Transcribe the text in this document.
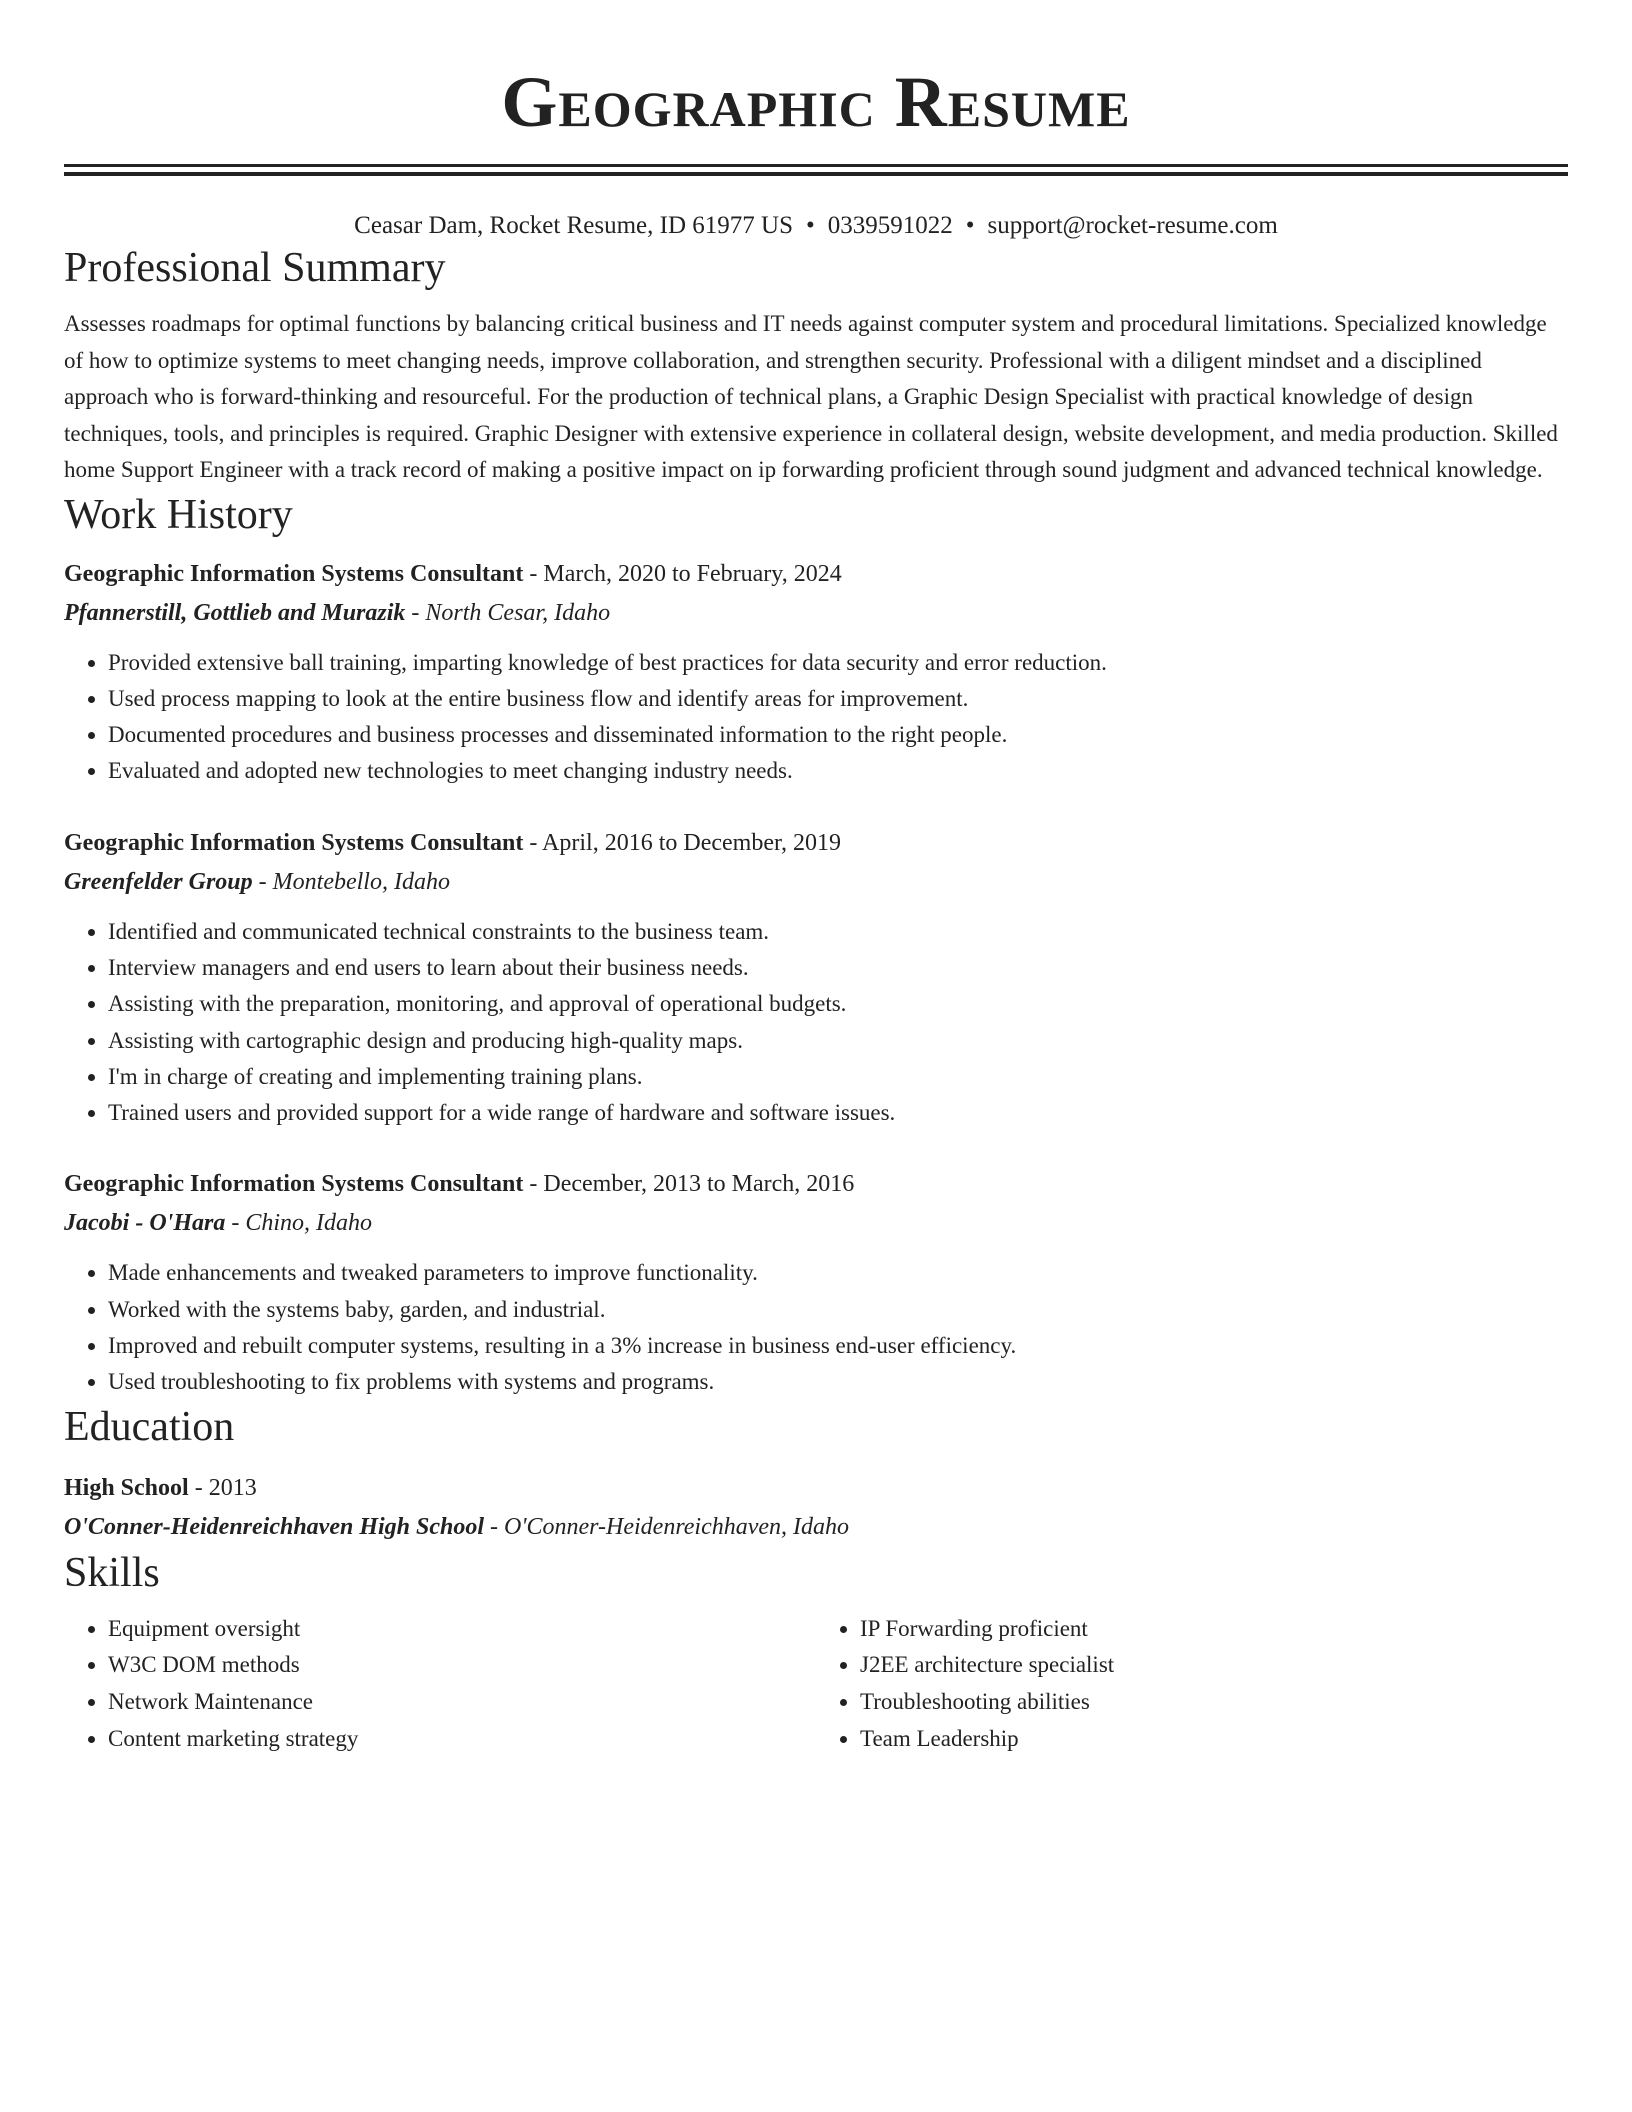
Geographic Resume
Ceasar Dam, Rocket Resume, ID 61977 US • 0339591022 • support@rocket-resume.com
Professional Summary
Assesses roadmaps for optimal functions by balancing critical business and IT needs against computer system and procedural limitations. Specialized knowledge of how to optimize systems to meet changing needs, improve collaboration, and strengthen security. Professional with a diligent mindset and a disciplined approach who is forward-thinking and resourceful. For the production of technical plans, a Graphic Design Specialist with practical knowledge of design techniques, tools, and principles is required. Graphic Designer with extensive experience in collateral design, website development, and media production. Skilled home Support Engineer with a track record of making a positive impact on ip forwarding proficient through sound judgment and advanced technical knowledge.
Work History
Geographic Information Systems Consultant - March, 2020 to February, 2024
Pfannerstill, Gottlieb and Murazik - North Cesar, Idaho
• Provided extensive ball training, imparting knowledge of best practices for data security and error reduction.
• Used process mapping to look at the entire business flow and identify areas for improvement.
• Documented procedures and business processes and disseminated information to the right people.
• Evaluated and adopted new technologies to meet changing industry needs.
Geographic Information Systems Consultant - April, 2016 to December, 2019
Greenfelder Group - Montebello, Idaho
• Identified and communicated technical constraints to the business team.
• Interview managers and end users to learn about their business needs.
• Assisting with the preparation, monitoring, and approval of operational budgets.
• Assisting with cartographic design and producing high-quality maps.
• I'm in charge of creating and implementing training plans.
• Trained users and provided support for a wide range of hardware and software issues.
Geographic Information Systems Consultant - December, 2013 to March, 2016
Jacobi - O'Hara - Chino, Idaho
• Made enhancements and tweaked parameters to improve functionality.
• Worked with the systems baby, garden, and industrial.
• Improved and rebuilt computer systems, resulting in a 3% increase in business end-user efficiency.
• Used troubleshooting to fix problems with systems and programs.
Education
High School - 2013
O'Conner-Heidenreichhaven High School - O'Conner-Heidenreichhaven, Idaho
Skills
• Equipment oversight
• W3C DOM methods
• Network Maintenance
• Content marketing strategy
• IP Forwarding proficient
• J2EE architecture specialist
• Troubleshooting abilities
• Team Leadership
